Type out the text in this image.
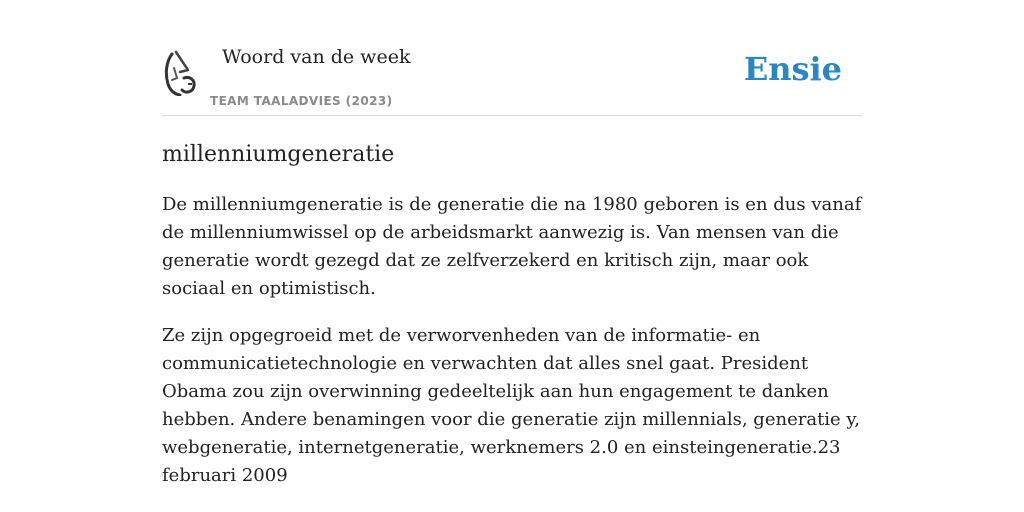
Woord van de week
TEAM TAALADVIES (2023)
Ensie
millenniumgeneratie

De millenniumgeneratie is de generatie die na 1980 geboren is en dus vanaf de millenniumwissel op de arbeidsmarkt aanwezig is. Van mensen van die generatie wordt gezegd dat ze zelfverzekerd en kritisch zijn, maar ook sociaal en optimistisch.

Ze zijn opgegroeid met de verworvenheden van de informatie- en communicatietechnologie en verwachten dat alles snel gaat. President Obama zou zijn overwinning gedeeltelijk aan hun engagement te danken hebben. Andere benamingen voor die generatie zijn millennials, generatie y, webgeneratie, internetgeneratie, werknemers 2.0 en einsteingeneratie.23 februari 2009
